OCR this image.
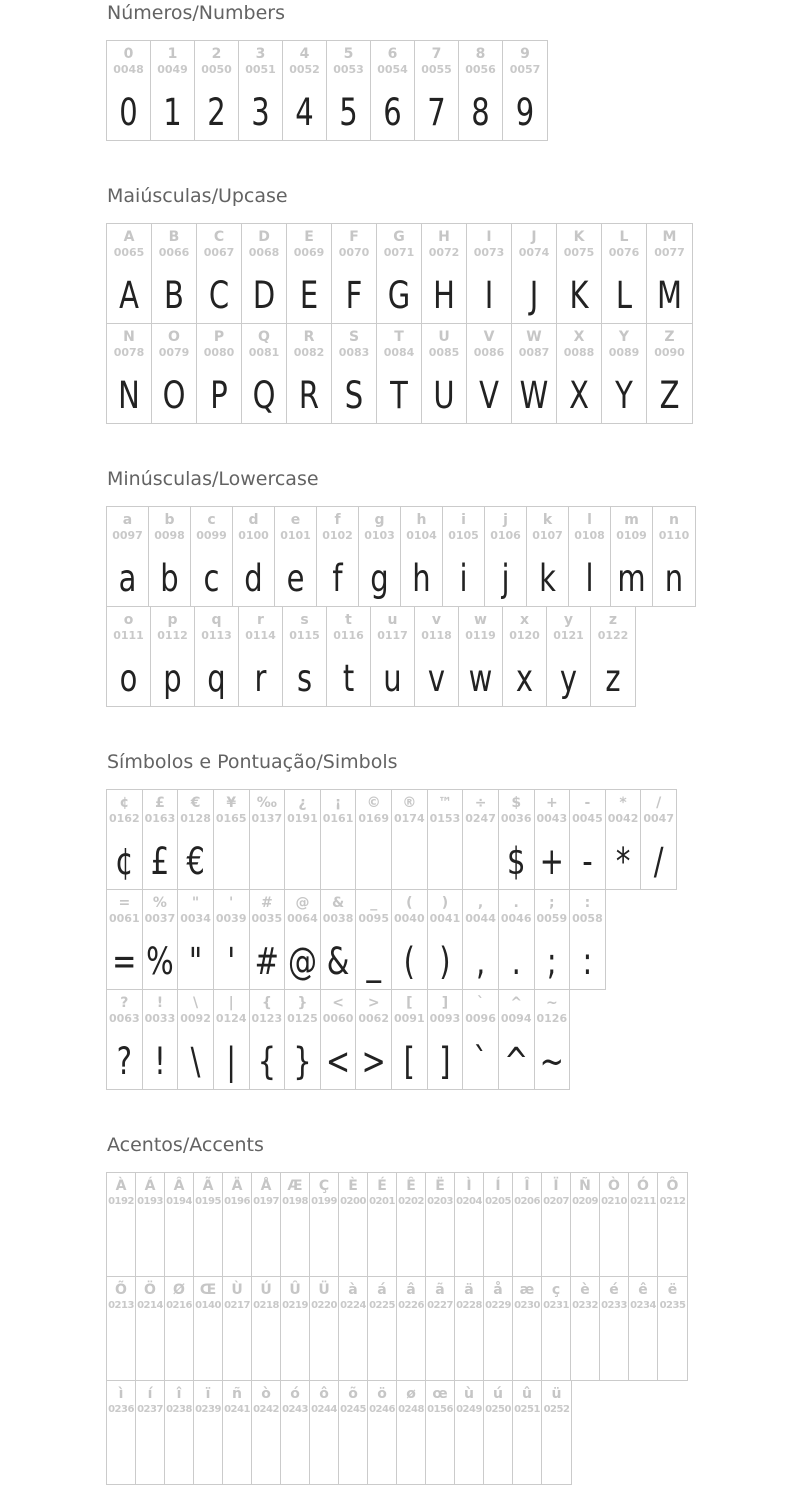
Números/Numbers
0
0048
0
1
0049
1
2
0050
2
3
0051
3
4
0052
4
5
0053
5
6
0054
6
7
0055
7
8
0056
8
9
0057
9
Maiúsculas/Upcase
A
0065
A
B
0066
B
C
0067
C
D
0068
D
E
0069
E
F
0070
F
G
0071
G
H
0072
H
I
0073
I
J
0074
J
K
0075
K
L
0076
L
M
0077
M
N
0078
N
O
0079
O
P
0080
P
Q
0081
Q
R
0082
R
S
0083
S
T
0084
T
U
0085
U
V
0086
V
W
0087
W
X
0088
X
Y
0089
Y
Z
0090
Z
Minúsculas/Lowercase
a
0097
a
b
0098
b
c
0099
c
d
0100
d
e
0101
e
f
0102
f
g
0103
g
h
0104
h
i
0105
i
j
0106
j
k
0107
k
l
0108
l
m
0109
m
n
0110
n
o
0111
o
p
0112
p
q
0113
q
r
0114
r
s
0115
s
t
0116
t
u
0117
u
v
0118
v
w
0119
w
x
0120
x
y
0121
y
z
0122
z
Símbolos e Pontuação/Simbols
¢
0162
¢
£
0163
£
€
0128
€
¥
0165
‰
0137
¿
0191
¡
0161
©
0169
®
0174
™
0153
÷
0247
$
0036
$
+
0043
+
-
0045
-
*
0042
*
/
0047
/
=
0061
=
%
0037
%
"
0034
"
'
0039
'
#
0035
#
@
0064
@
&
0038
&
_
0095
_
(
0040
(
)
0041
)
,
0044
,
.
0046
.
;
0059
;
:
0058
:
?
0063
?
!
0033
!
\
0092
\
|
0124
|
{
0123
{
}
0125
}
<
0060
<
>
0062
>
[
0091
[
]
0093
]
`
0096
`
^
0094
^
~
0126
~
Acentos/Accents
À
0192
Á
0193
Â
0194
Ã
0195
Ä
0196
Å
0197
Æ
0198
Ç
0199
È
0200
É
0201
Ê
0202
Ë
0203
Ì
0204
Í
0205
Î
0206
Ï
0207
Ñ
0209
Ò
0210
Ó
0211
Ô
0212
Õ
0213
Ö
0214
Ø
0216
Œ
0140
Ù
0217
Ú
0218
Û
0219
Ü
0220
à
0224
á
0225
â
0226
ã
0227
ä
0228
å
0229
æ
0230
ç
0231
è
0232
é
0233
ê
0234
ë
0235
ì
0236
í
0237
î
0238
ï
0239
ñ
0241
ò
0242
ó
0243
ô
0244
õ
0245
ö
0246
ø
0248
œ
0156
ù
0249
ú
0250
û
0251
ü
0252
